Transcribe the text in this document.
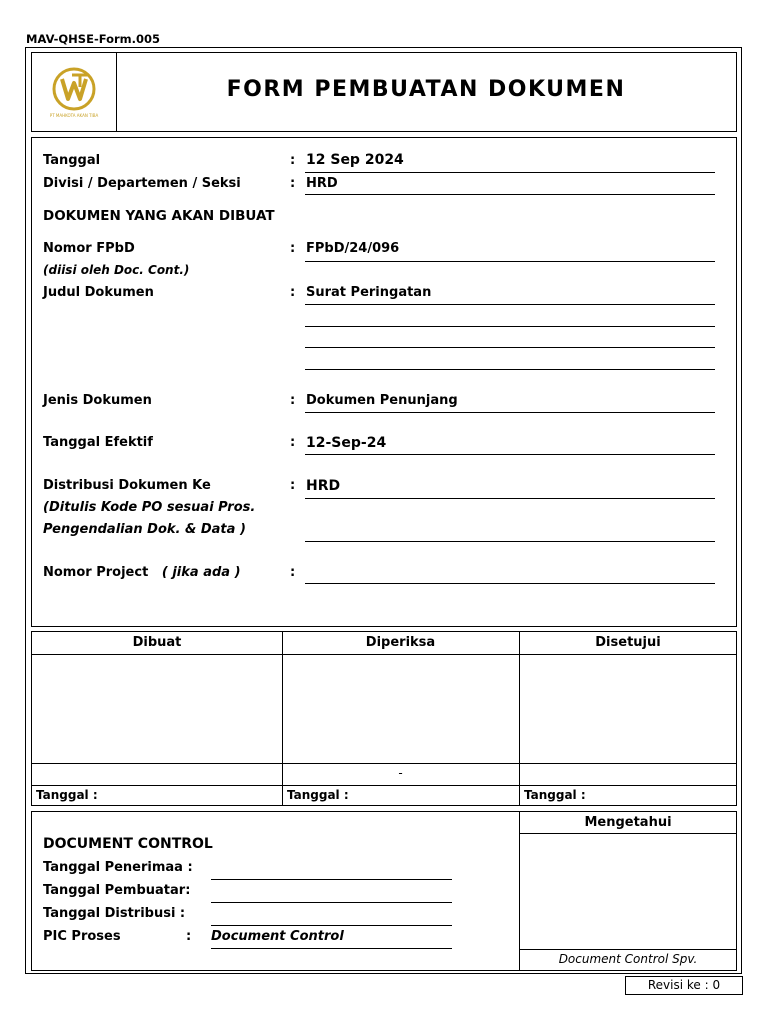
MAV-QHSE-Form.005
PT MAHKOTA AKAN TIBA
FORM PEMBUATAN DOKUMEN
Tanggal	: 12 Sep 2024
Divisi / Departemen / Seksi	: HRD
DOKUMEN YANG AKAN DIBUAT
Nomor FPbD	: FPbD/24/096
(diisi oleh Doc. Cont.)
Judul Dokumen	: Surat Peringatan
Jenis Dokumen	: Dokumen Penunjang
Tanggal Efektif	: 12-Sep-24
Distribusi Dokumen Ke	: HRD
(Ditulis Kode PO sesuai Pros.
Pengendalian Dok. & Data )
Nomor Project ( jika ada )	:
Dibuat	Diperiksa	Disetujui
-
Tanggal :	Tanggal :	Tanggal :
Mengetahui
Document Control Spv.
DOCUMENT CONTROL
Tanggal Penerimaa :
Tanggal Pembuatar:
Tanggal Distribusi :
PIC Proses	: Document Control
Revisi ke : 0
